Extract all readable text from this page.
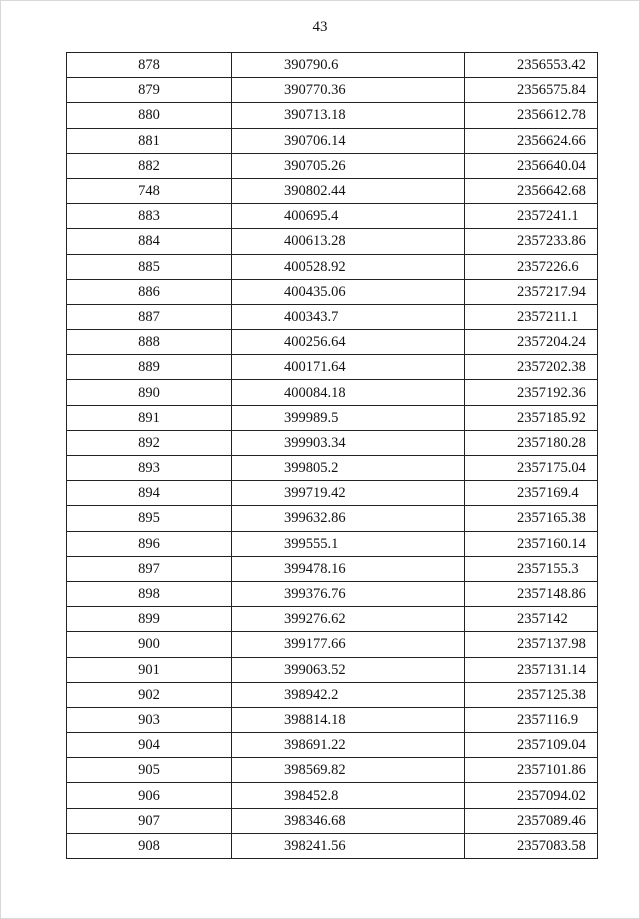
43
878	390790.6	2356553.42
879	390770.36	2356575.84
880	390713.18	2356612.78
881	390706.14	2356624.66
882	390705.26	2356640.04
748	390802.44	2356642.68
883	400695.4	2357241.1
884	400613.28	2357233.86
885	400528.92	2357226.6
886	400435.06	2357217.94
887	400343.7	2357211.1
888	400256.64	2357204.24
889	400171.64	2357202.38
890	400084.18	2357192.36
891	399989.5	2357185.92
892	399903.34	2357180.28
893	399805.2	2357175.04
894	399719.42	2357169.4
895	399632.86	2357165.38
896	399555.1	2357160.14
897	399478.16	2357155.3
898	399376.76	2357148.86
899	399276.62	2357142
900	399177.66	2357137.98
901	399063.52	2357131.14
902	398942.2	2357125.38
903	398814.18	2357116.9
904	398691.22	2357109.04
905	398569.82	2357101.86
906	398452.8	2357094.02
907	398346.68	2357089.46
908	398241.56	2357083.58
